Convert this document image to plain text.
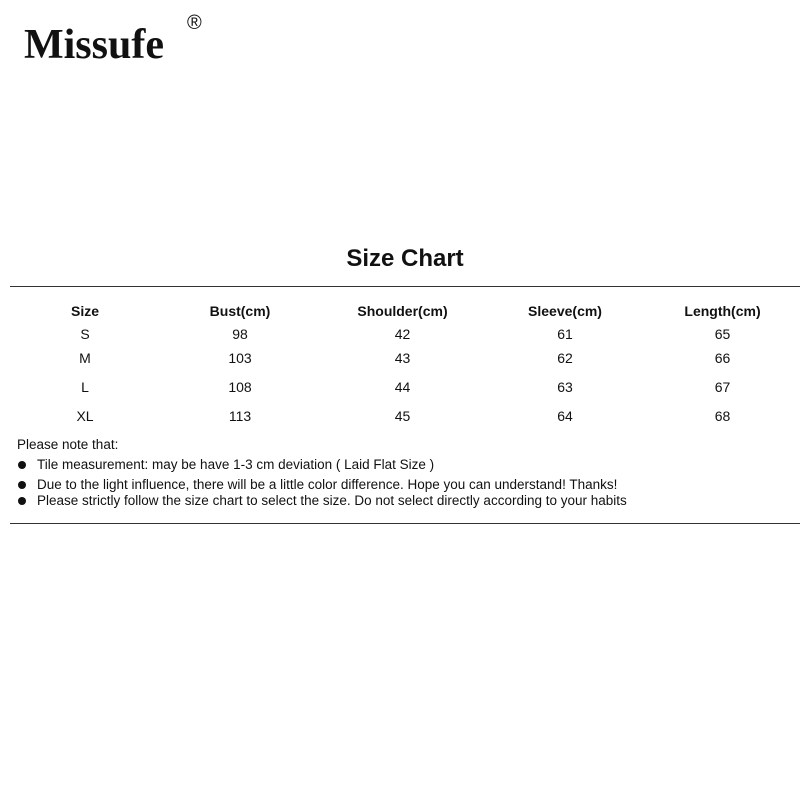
Missufe ®
Size Chart
Size	Bust(cm)	Shoulder(cm)	Sleeve(cm)	Length(cm)
S	98	42	61	65
M	103	43	62	66
L	108	44	63	67
XL	113	45	64	68
Please note that:
Tile measurement: may be have 1-3 cm deviation ( Laid Flat Size )
Due to the light influence, there will be a little color difference. Hope you can understand! Thanks!
Please strictly follow the size chart to select the size. Do not select directly according to your habits
